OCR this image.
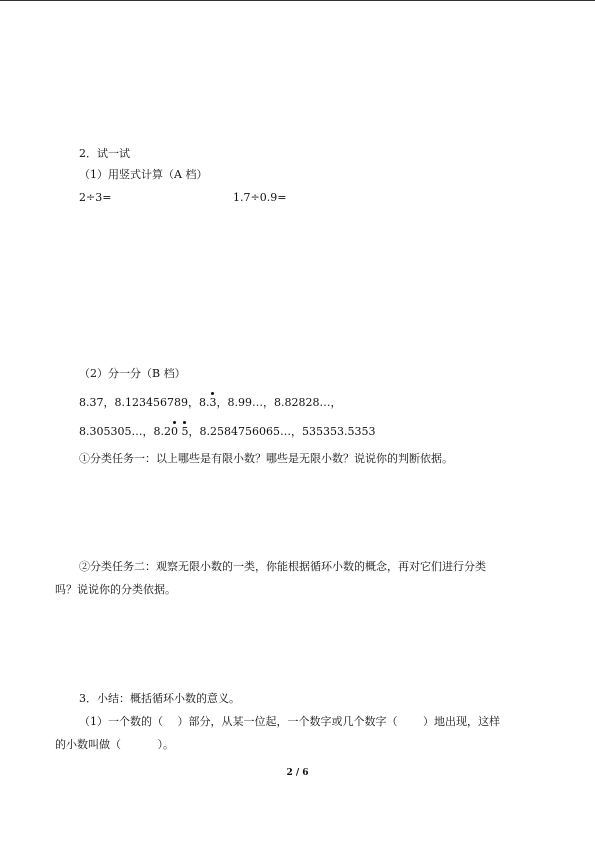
2．试一试
（1）用竖式计算（A 档）
2÷3=	1.7÷0.9=
（2）分一分（B 档）
8.37，8.123456789，8.3，8.99…，8.82828…，
8.305305…，8.20 5，8.2584756065…，535353.5353
①分类任务一：以上哪些是有限小数？哪些是无限小数？说说你的判断依据。
②分类任务二：观察无限小数的一类，你能根据循环小数的概念，再对它们进行分类
吗？说说你的分类依据。
3．小结：概括循环小数的意义。
（1）一个数的（　 ）部分，从某一位起，一个数字或几个数字（　　 ）地出现，这样
的小数叫做（　　　 ）。
2 / 6
